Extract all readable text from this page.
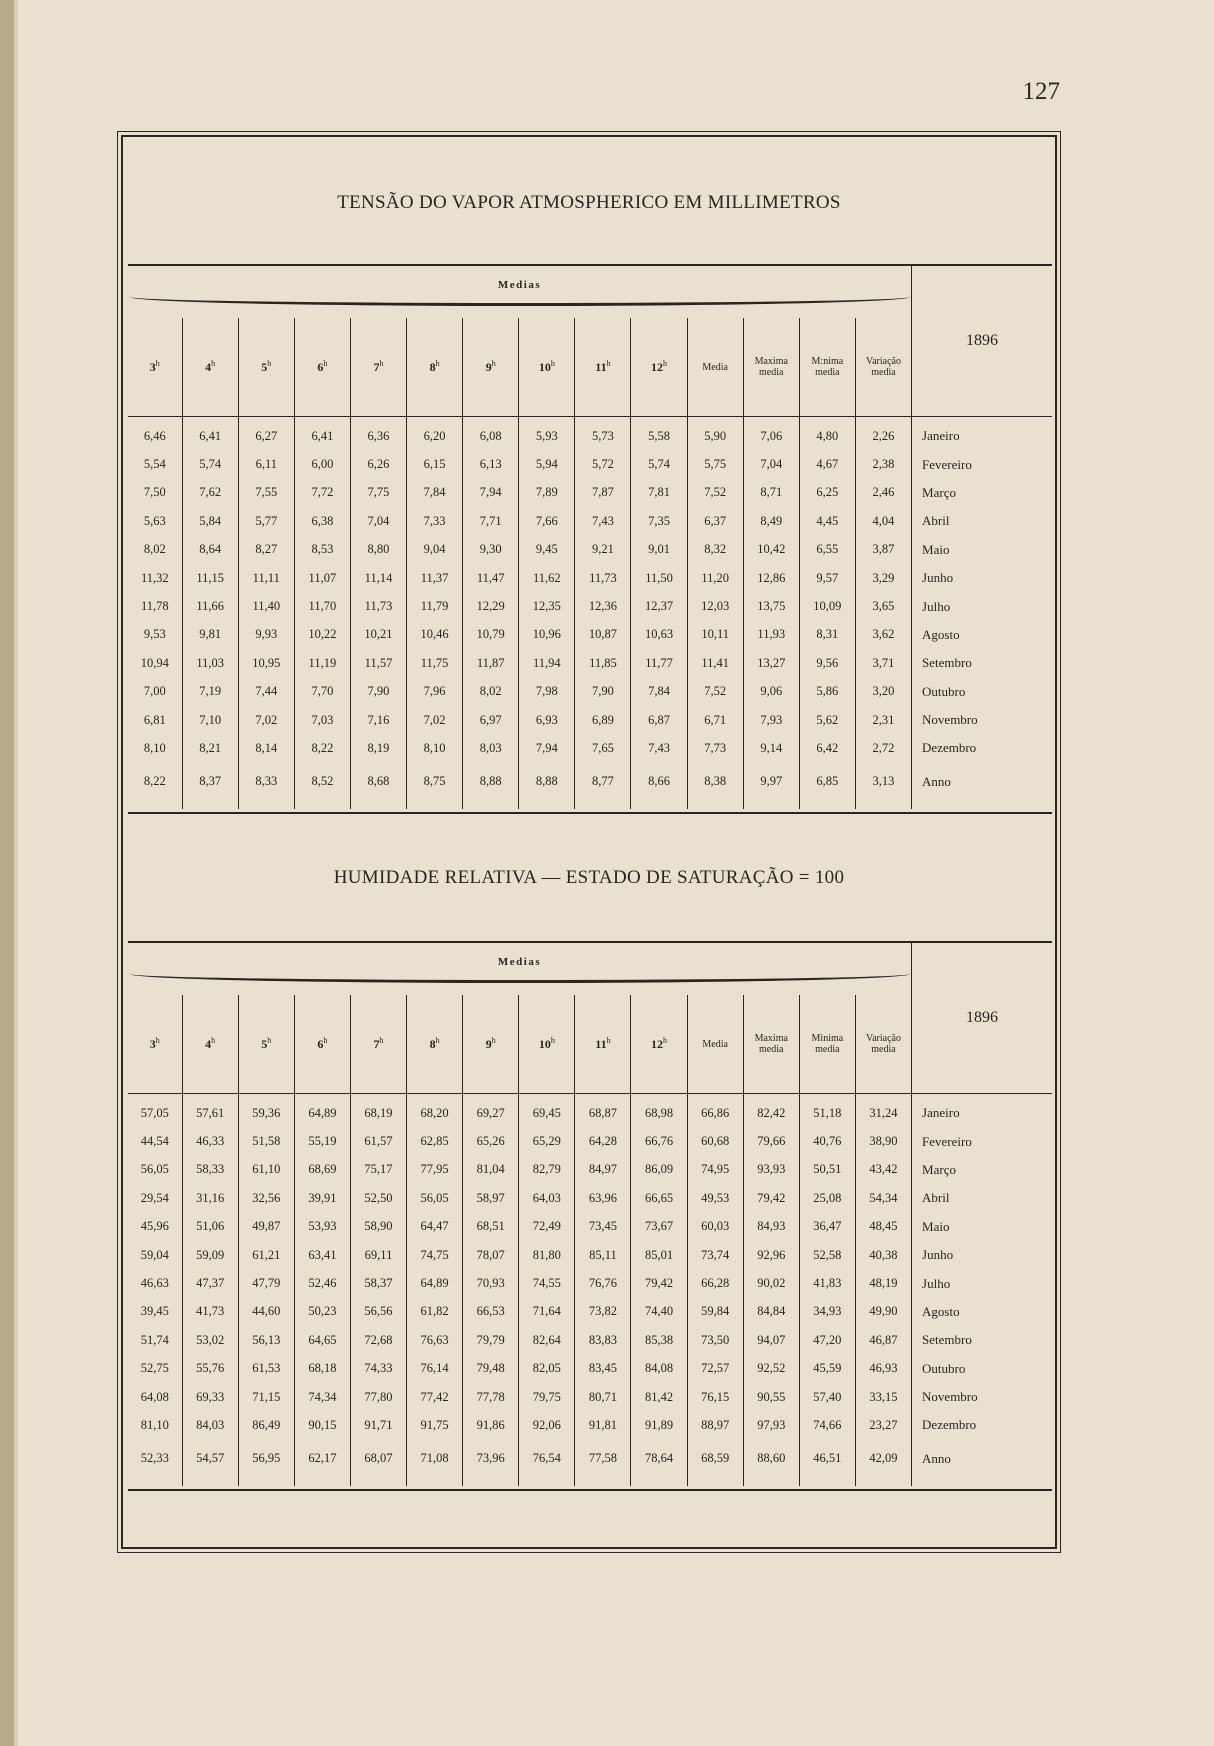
127
TENSÃO DO VAPOR ATMOSPHERICO EM MILLIMETROS
Medias														1896
3$^h$	4$^h$	5$^h$	6$^h$	7$^h$	8$^h$	9$^h$	10$^h$	11$^h$	12$^h$	Media	Maxima media	M:nima media	Variação media	

6,46	6,41	6,27	6,41	6,36	6,20	6,08	5,93	5,73	5,58	5,90	7,06	4,80	2,26	Janeiro
5,54	5,74	6,11	6,00	6,26	6,15	6,13	5,94	5,72	5,74	5,75	7,04	4,67	2,38	Fevereiro
7,50	7,62	7,55	7,72	7,75	7,84	7,94	7,89	7,87	7,81	7,52	8,71	6,25	2,46	Março
5,63	5,84	5,77	6,38	7,04	7,33	7,71	7,66	7,43	7,35	6,37	8,49	4,45	4,04	Abril
8,02	8,64	8,27	8,53	8,80	9,04	9,30	9,45	9,21	9,01	8,32	10,42	6,55	3,87	Maio
11,32	11,15	11,11	11,07	11,14	11,37	11,47	11,62	11,73	11,50	11,20	12,86	9,57	3,29	Junho
11,78	11,66	11,40	11,70	11,73	11,79	12,29	12,35	12,36	12,37	12,03	13,75	10,09	3,65	Julho
9,53	9,81	9,93	10,22	10,21	10,46	10,79	10,96	10,87	10,63	10,11	11,93	8,31	3,62	Agosto
10,94	11,03	10,95	11,19	11,57	11,75	11,87	11,94	11,85	11,77	11,41	13,27	9,56	3,71	Setembro
7,00	7,19	7,44	7,70	7,90	7,96	8,02	7,98	7,90	7,84	7,52	9,06	5,86	3,20	Outubro
6,81	7,10	7,02	7,03	7,16	7,02	6,97	6,93	6,89	6,87	6,71	7,93	5,62	2,31	Novembro
8,10	8,21	8,14	8,22	8,19	8,10	8,03	7,94	7,65	7,43	7,73	9,14	6,42	2,72	Dezembro
8,22	8,37	8,33	8,52	8,68	8,75	8,88	8,88	8,77	8,66	8,38	9,97	6,85	3,13	Anno

HUMIDADE RELATIVA — ESTADO DE SATURAÇÃO = 100
Medias														1896
3$^h$	4$^h$	5$^h$	6$^h$	7$^h$	8$^h$	9$^h$	10$^h$	11$^h$	12$^h$	Media	Maxima media	Minima media	Variação media	

57,05	57,61	59,36	64,89	68,19	68,20	69,27	69,45	68,87	68,98	66,86	82,42	51,18	31,24	Janeiro
44,54	46,33	51,58	55,19	61,57	62,85	65,26	65,29	64,28	66,76	60,68	79,66	40,76	38,90	Fevereiro
56,05	58,33	61,10	68,69	75,17	77,95	81,04	82,79	84,97	86,09	74,95	93,93	50,51	43,42	Março
29,54	31,16	32,56	39,91	52,50	56,05	58,97	64,03	63,96	66,65	49,53	79,42	25,08	54,34	Abril
45,96	51,06	49,87	53,93	58,90	64,47	68,51	72,49	73,45	73,67	60,03	84,93	36,47	48,45	Maio
59,04	59,09	61,21	63,41	69,11	74,75	78,07	81,80	85,11	85,01	73,74	92,96	52,58	40,38	Junho
46,63	47,37	47,79	52,46	58,37	64,89	70,93	74,55	76,76	79,42	66,28	90,02	41,83	48,19	Julho
39,45	41,73	44,60	50,23	56,56	61,82	66,53	71,64	73,82	74,40	59,84	84,84	34,93	49,90	Agosto
51,74	53,02	56,13	64,65	72,68	76,63	79,79	82,64	83,83	85,38	73,50	94,07	47,20	46,87	Setembro
52,75	55,76	61,53	68,18	74,33	76,14	79,48	82,05	83,45	84,08	72,57	92,52	45,59	46,93	Outubro
64,08	69,33	71,15	74,34	77,80	77,42	77,78	79,75	80,71	81,42	76,15	90,55	57,40	33,15	Novembro
81,10	84,03	86,49	90,15	91,71	91,75	91,86	92,06	91,81	91,89	88,97	97,93	74,66	23,27	Dezembro
52,33	54,57	56,95	62,17	68,07	71,08	73,96	76,54	77,58	78,64	68,59	88,60	46,51	42,09	Anno
